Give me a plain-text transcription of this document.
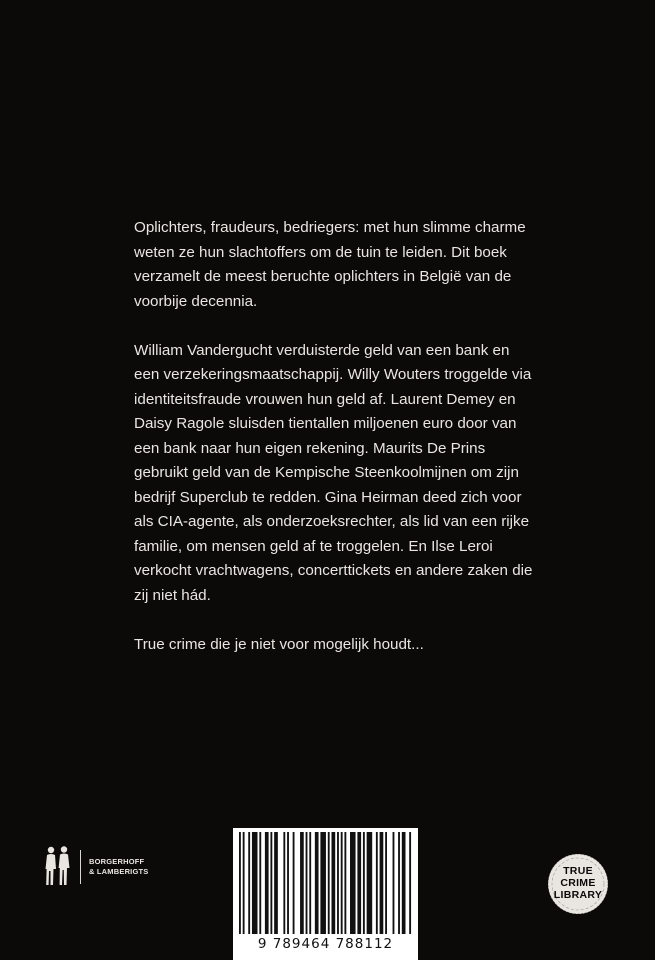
Oplichters, fraudeurs, bedriegers: met hun slimme charme weten ze hun slachtoffers om de tuin te leiden. Dit boek verzamelt de meest beruchte oplichters in België van de voorbije decennia.

William Vandergucht verduisterde geld van een bank en een verzekeringsmaatschappij. Willy Wouters troggelde via identiteitsfraude vrouwen hun geld af. Laurent Demey en Daisy Ragole sluisden tientallen miljoenen euro door van een bank naar hun eigen rekening. Maurits De Prins gebruikt geld van de Kempische Steenkoolmijnen om zijn bedrijf Superclub te redden. Gina Heirman deed zich voor als CIA-agente, als onderzoeksrechter, als lid van een rijke familie, om mensen geld af te troggelen. En Ilse Leroi verkocht vrachtwagens, concerttickets en andere zaken die zij niet hád.

True crime die je niet voor mogelijk houdt...

BORGERHOFF
& LAMBERIGTS
9 789464 788112
TRUE
CRIME
LIBRARY
